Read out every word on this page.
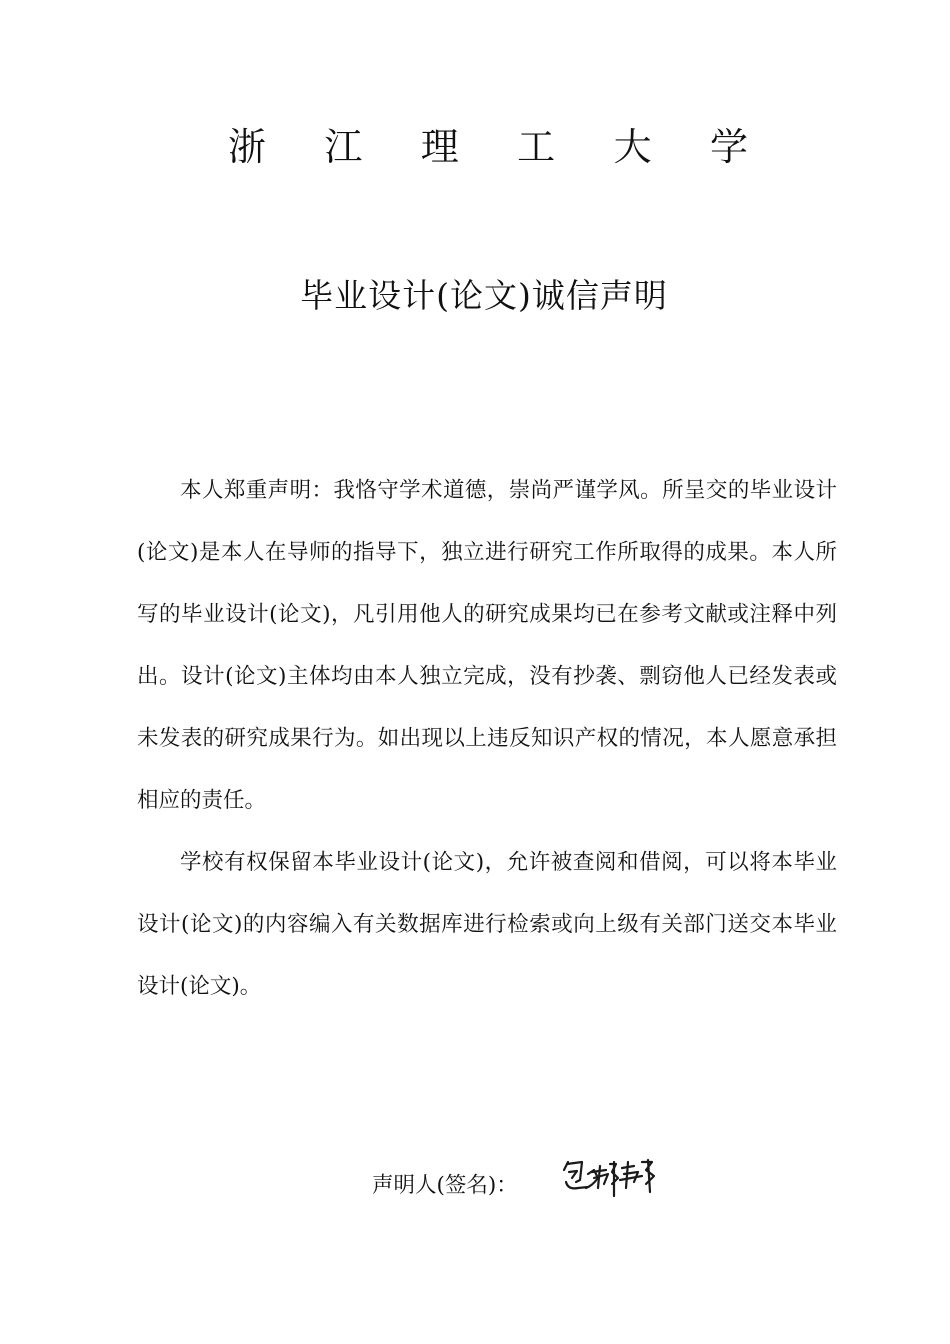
浙 江 理 工 大 学
毕业设计(论文)诚信声明

本人郑重声明：我恪守学术道德，崇尚严谨学风。所呈交的毕业设计(论文)是本人在导师的指导下，独立进行研究工作所取得的成果。本人所写的毕业设计(论文)，凡引用他人的研究成果均已在参考文献或注释中列出。设计(论文)主体均由本人独立完成，没有抄袭、剽窃他人已经发表或未发表的研究成果行为。如出现以上违反知识产权的情况，本人愿意承担相应的责任。

学校有权保留本毕业设计(论文)，允许被查阅和借阅，可以将本毕业设计(论文)的内容编入有关数据库进行检索或向上级有关部门送交本毕业设计(论文)。

声明人(签名)：
